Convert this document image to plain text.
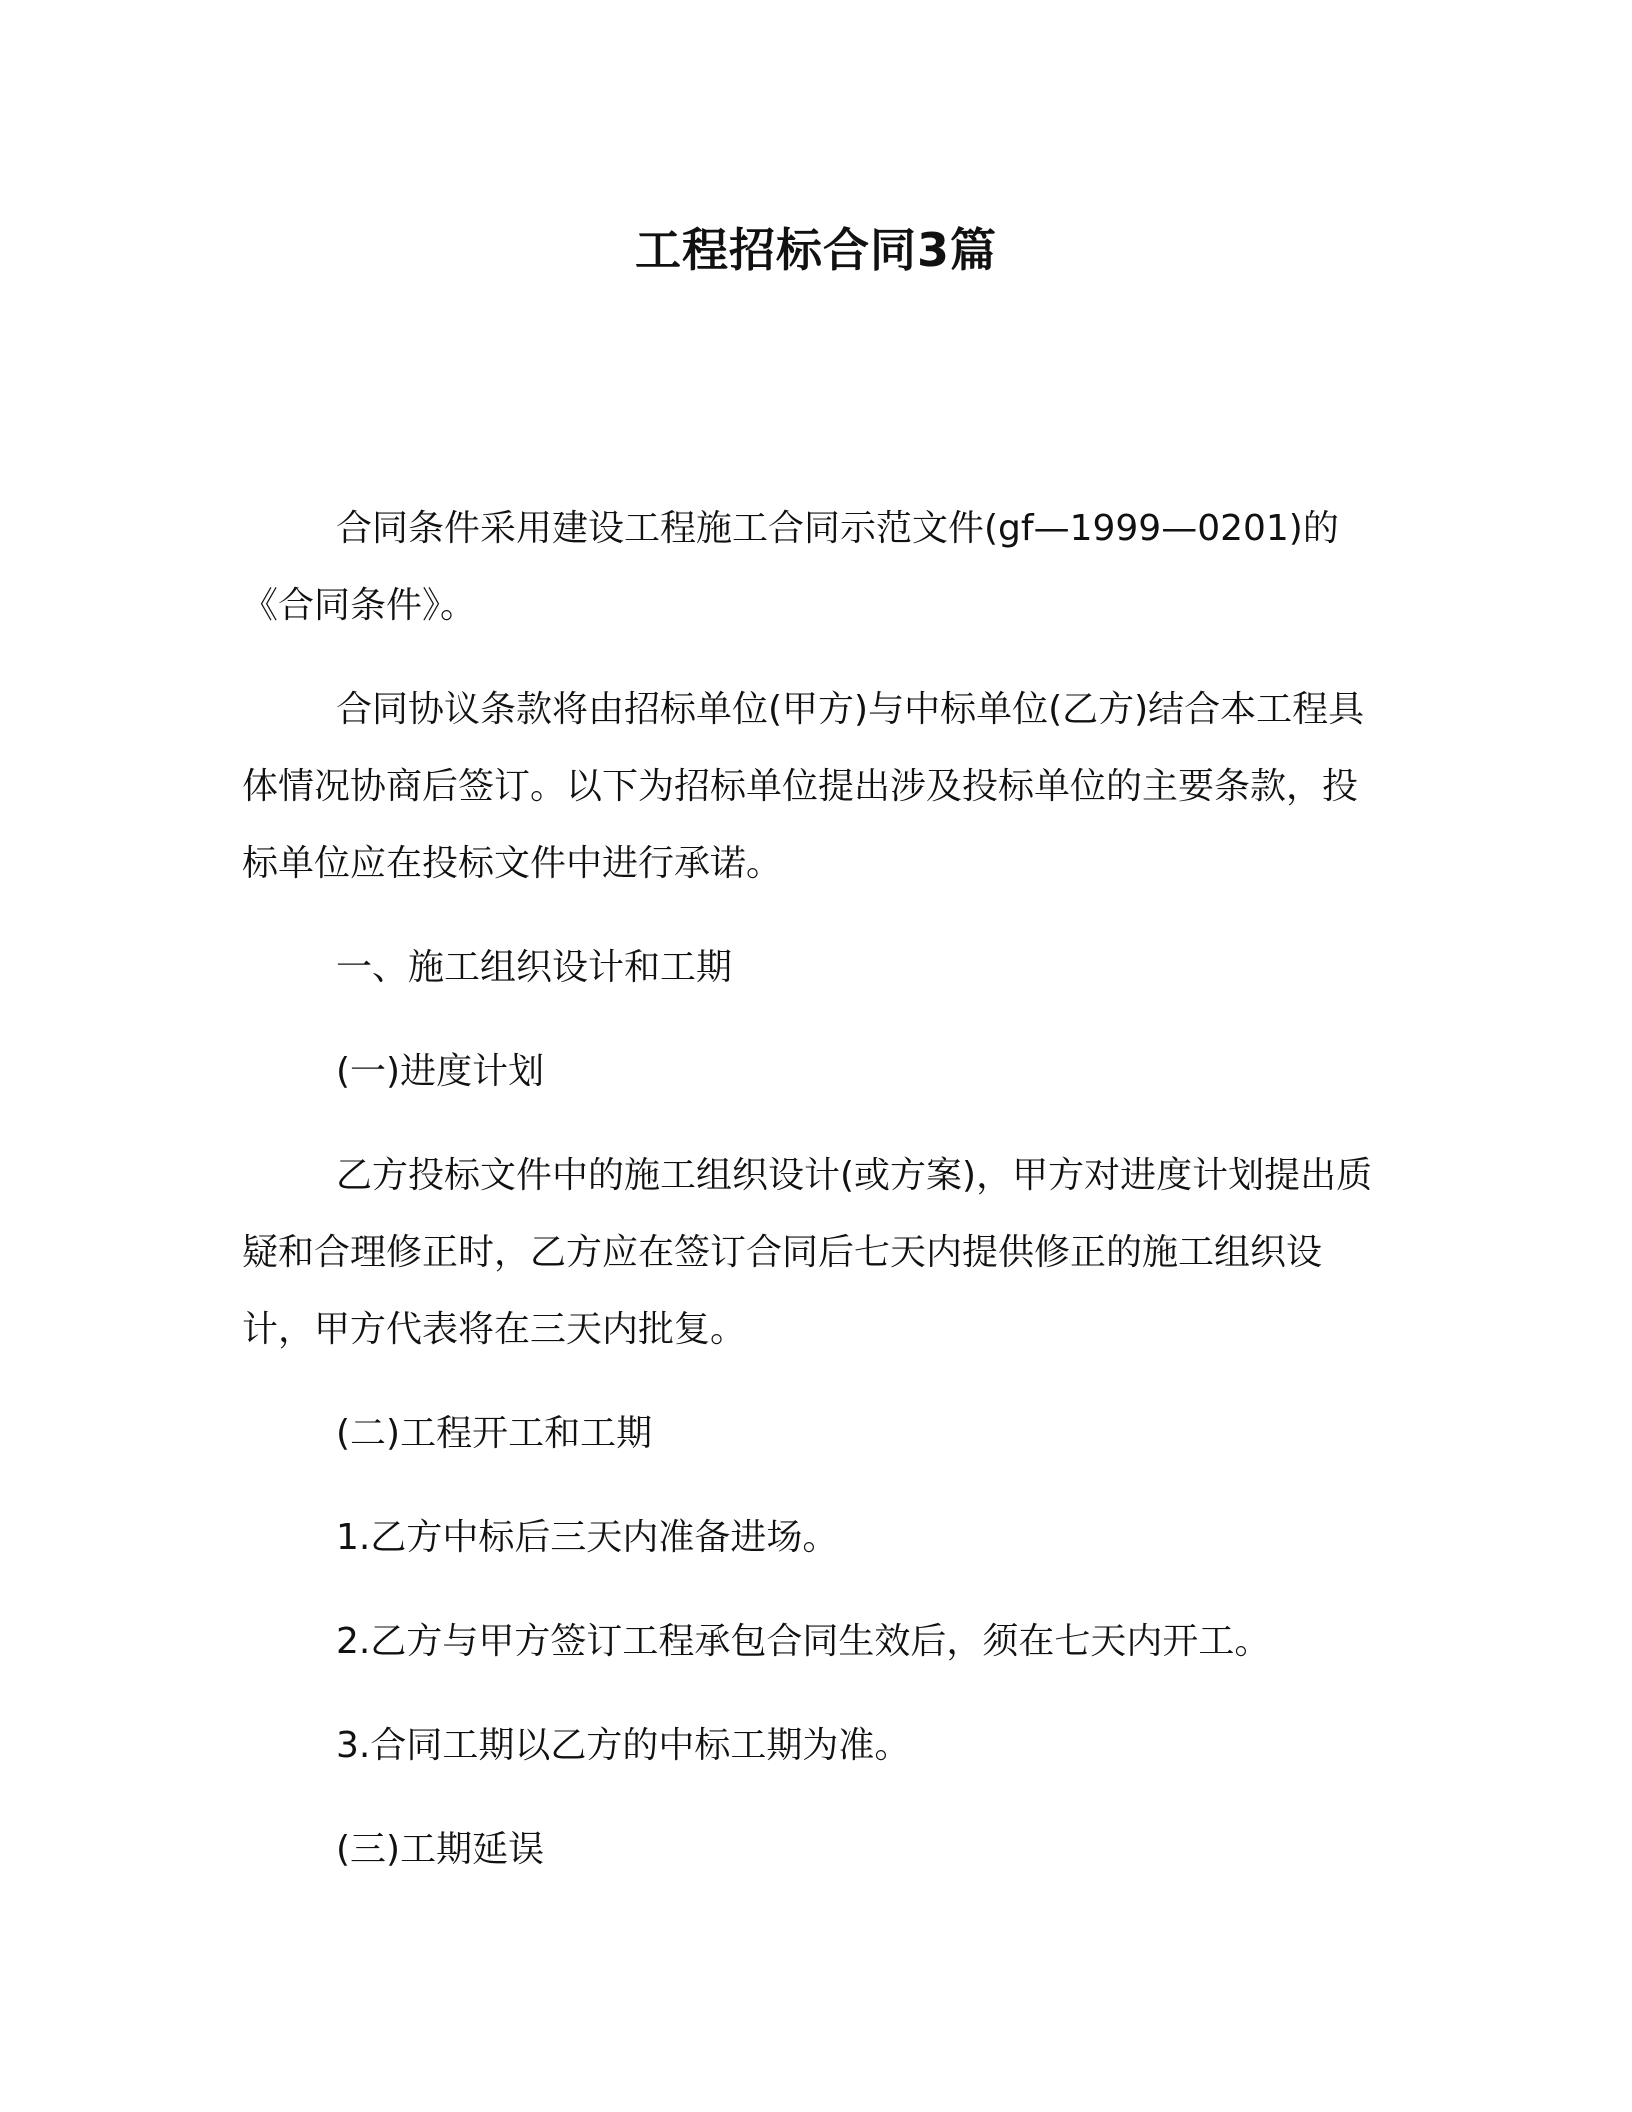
工程招标合同3篇

合同条件采用建设工程施工合同示范文件(gf—1999—0201)的《合同条件》。

合同协议条款将由招标单位(甲方)与中标单位(乙方)结合本工程具体情况协商后签订。以下为招标单位提出涉及投标单位的主要条款，投标单位应在投标文件中进行承诺。

一、施工组织设计和工期

(一)进度计划

乙方投标文件中的施工组织设计(或方案)，甲方对进度计划提出质疑和合理修正时，乙方应在签订合同后七天内提供修正的施工组织设计，甲方代表将在三天内批复。

(二)工程开工和工期

1.乙方中标后三天内准备进场。

2.乙方与甲方签订工程承包合同生效后，须在七天内开工。

3.合同工期以乙方的中标工期为准。

(三)工期延误
